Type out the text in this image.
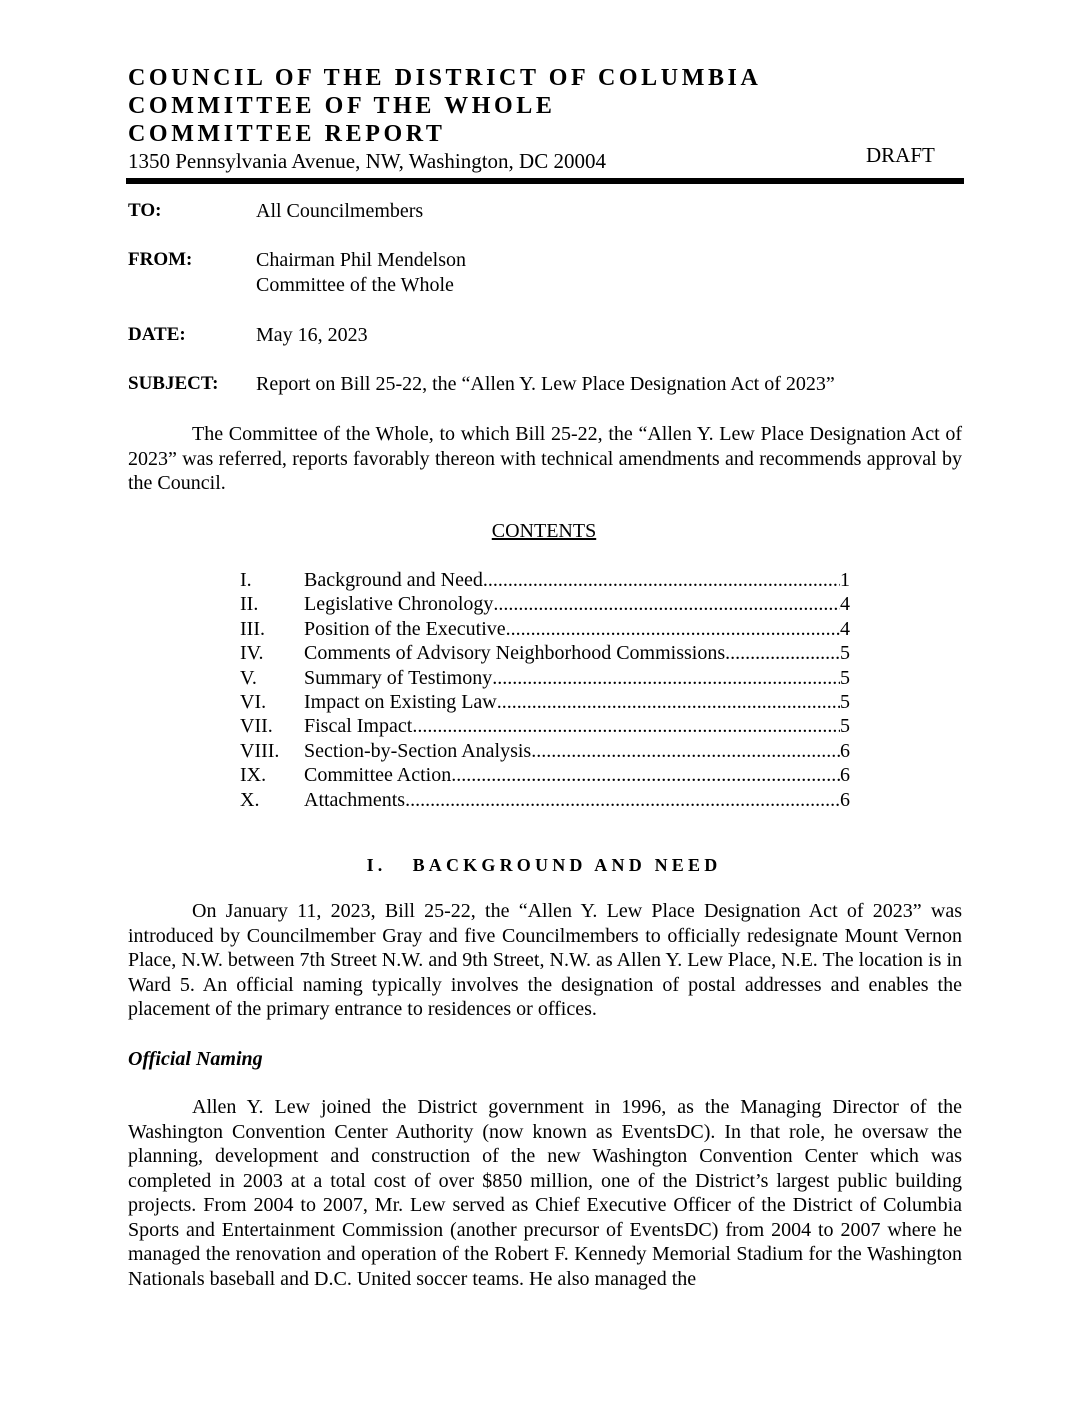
COUNCIL OF THE DISTRICT OF COLUMBIA
COMMITTEE OF THE WHOLE
COMMITTEE REPORT
1350 Pennsylvania Avenue, NW, Washington, DC 20004	DRAFT
TO:	All Councilmembers
FROM:	Chairman Phil Mendelson
Committee of the Whole
DATE:	May 16, 2023
SUBJECT: Report on Bill 25-22, the “Allen Y. Lew Place Designation Act of 2023”
The Committee of the Whole, to which Bill 25-22, the “Allen Y. Lew Place Designation Act of 2023” was referred, reports favorably thereon with technical amendments and recommends approval by the Council.
CONTENTS
I.	Background and Need .....	1
II.	Legislative Chronology .....	4
III.	Position of the Executive .....	4
IV.	Comments of Advisory Neighborhood Commissions .....	5
V.	Summary of Testimony .....	5
VI.	Impact on Existing Law .....	5
VII.	Fiscal Impact .....	5
VIII.	Section-by-Section Analysis .....	6
IX.	Committee Action .....	6
X.	Attachments .....	6
I.   BACKGROUND AND NEED
On January 11, 2023, Bill 25-22, the “Allen Y. Lew Place Designation Act of 2023” was introduced by Councilmember Gray and five Councilmembers to officially redesignate Mount Vernon Place, N.W. between 7th Street N.W. and 9th Street, N.W. as Allen Y. Lew Place, N.E. The location is in Ward 5. An official naming typically involves the designation of postal addresses and enables the placement of the primary entrance to residences or offices.
Official Naming
Allen Y. Lew joined the District government in 1996, as the Managing Director of the Washington Convention Center Authority (now known as EventsDC). In that role, he oversaw the planning, development and construction of the new Washington Convention Center which was completed in 2003 at a total cost of over $850 million, one of the District’s largest public building projects. From 2004 to 2007, Mr. Lew served as Chief Executive Officer of the District of Columbia Sports and Entertainment Commission (another precursor of EventsDC) from 2004 to 2007 where he managed the renovation and operation of the Robert F. Kennedy Memorial Stadium for the Washington Nationals baseball and D.C. United soccer teams. He also managed the
